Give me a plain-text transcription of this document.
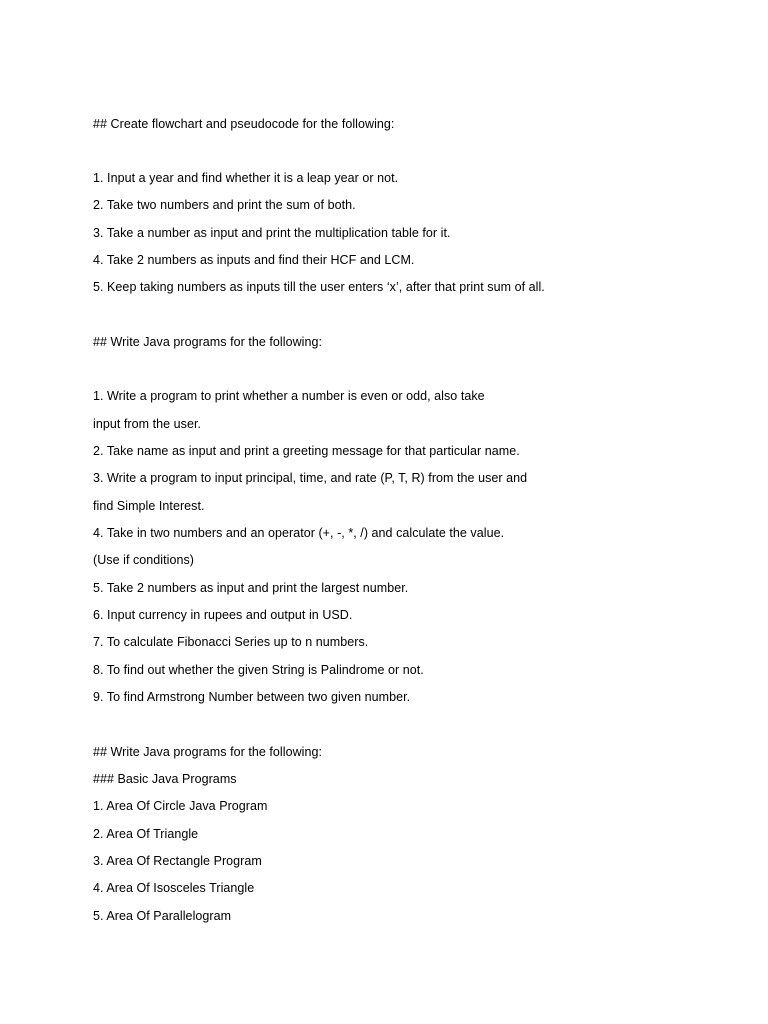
## Create flowchart and pseudocode for the following:

1. Input a year and find whether it is a leap year or not.

2. Take two numbers and print the sum of both.

3. Take a number as input and print the multiplication table for it.

4. Take 2 numbers as inputs and find their HCF and LCM.

5. Keep taking numbers as inputs till the user enters ‘x’, after that print sum of all.

## Write Java programs for the following:

1. Write a program to print whether a number is even or odd, also take

input from the user.

2. Take name as input and print a greeting message for that particular name.

3. Write a program to input principal, time, and rate (P, T, R) from the user and

find Simple Interest.

4. Take in two numbers and an operator (+, -, *, /) and calculate the value.

(Use if conditions)

5. Take 2 numbers as input and print the largest number.

6. Input currency in rupees and output in USD.

7. To calculate Fibonacci Series up to n numbers.

8. To find out whether the given String is Palindrome or not.

9. To find Armstrong Number between two given number.

## Write Java programs for the following:

### Basic Java Programs

1. Area Of Circle Java Program

2. Area Of Triangle

3. Area Of Rectangle Program

4. Area Of Isosceles Triangle

5. Area Of Parallelogram
